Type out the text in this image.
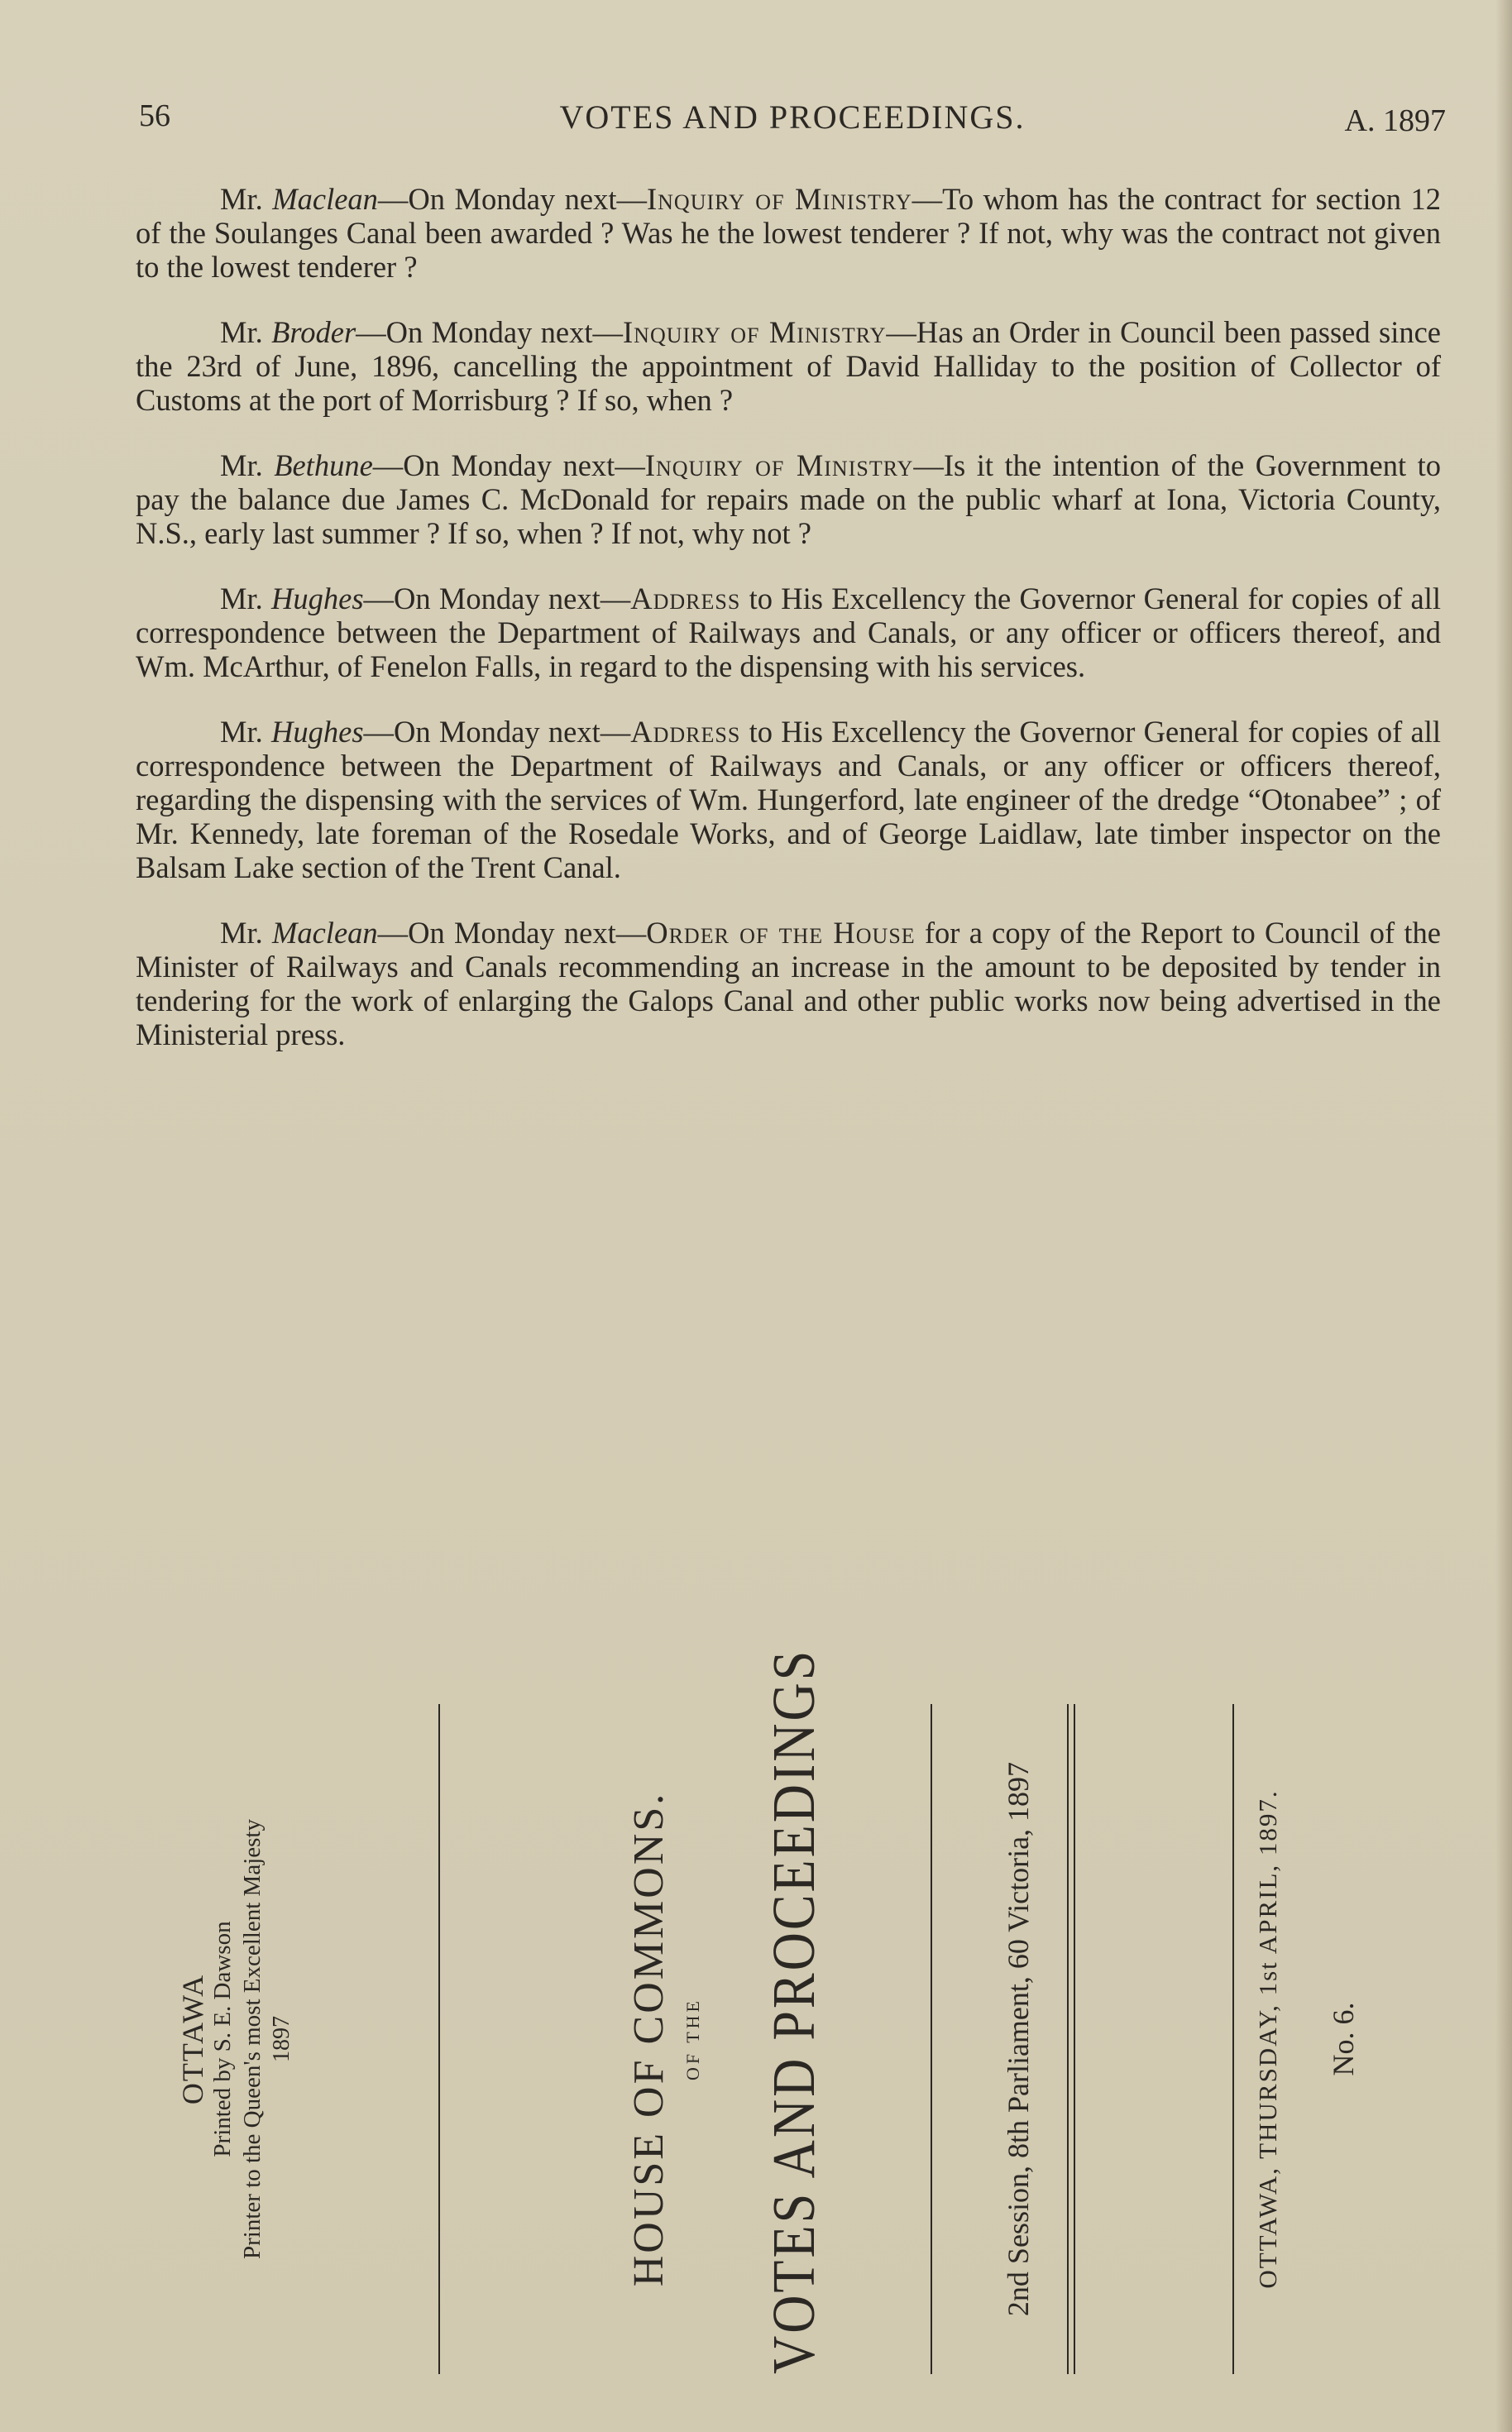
56	VOTES AND PROCEEDINGS.	A. 1897

Mr. Maclean—On Monday next—Inquiry of Ministry—To whom has the contract for section 12 of the Soulanges Canal been awarded ? Was he the lowest tenderer ? If not, why was the contract not given to the lowest tenderer ?

Mr. Broder—On Monday next—Inquiry of Ministry—Has an Order in Council been passed since the 23rd of June, 1896, cancelling the appointment of David Halliday to the position of Collector of Customs at the port of Morrisburg ? If so, when ?

Mr. Bethune—On Monday next—Inquiry of Ministry—Is it the intention of the Government to pay the balance due James C. McDonald for repairs made on the public wharf at Iona, Victoria County, N.S., early last summer ? If so, when ? If not, why not ?

Mr. Hughes—On Monday next—Address to His Excellency the Governor General for copies of all correspondence between the Department of Railways and Canals, or any officer or officers thereof, and Wm. McArthur, of Fenelon Falls, in regard to the dispensing with his services.

Mr. Hughes—On Monday next—Address to His Excellency the Governor General for copies of all correspondence between the Department of Railways and Canals, or any officer or officers thereof, regarding the dispensing with the services of Wm. Hungerford, late engineer of the dredge “Otonabee” ; of Mr. Kennedy, late foreman of the Rosedale Works, and of George Laidlaw, late timber inspector on the Balsam Lake section of the Trent Canal.

Mr. Maclean—On Monday next—Order of the House for a copy of the Report to Council of the Minister of Railways and Canals recommending an increase in the amount to be deposited by tender in tendering for the work of enlarging the Galops Canal and other public works now being advertised in the Ministerial press.

OTTAWA Printed by S. E. Dawson Printer to the Queen's most Excellent Majesty 1897	HOUSE OF COMMONS. OF THE VOTES AND PROCEEDINGS	2nd Session, 8th Parliament, 60 Victoria, 1897	OTTAWA, THURSDAY, 1st APRIL, 1897. No. 6.
